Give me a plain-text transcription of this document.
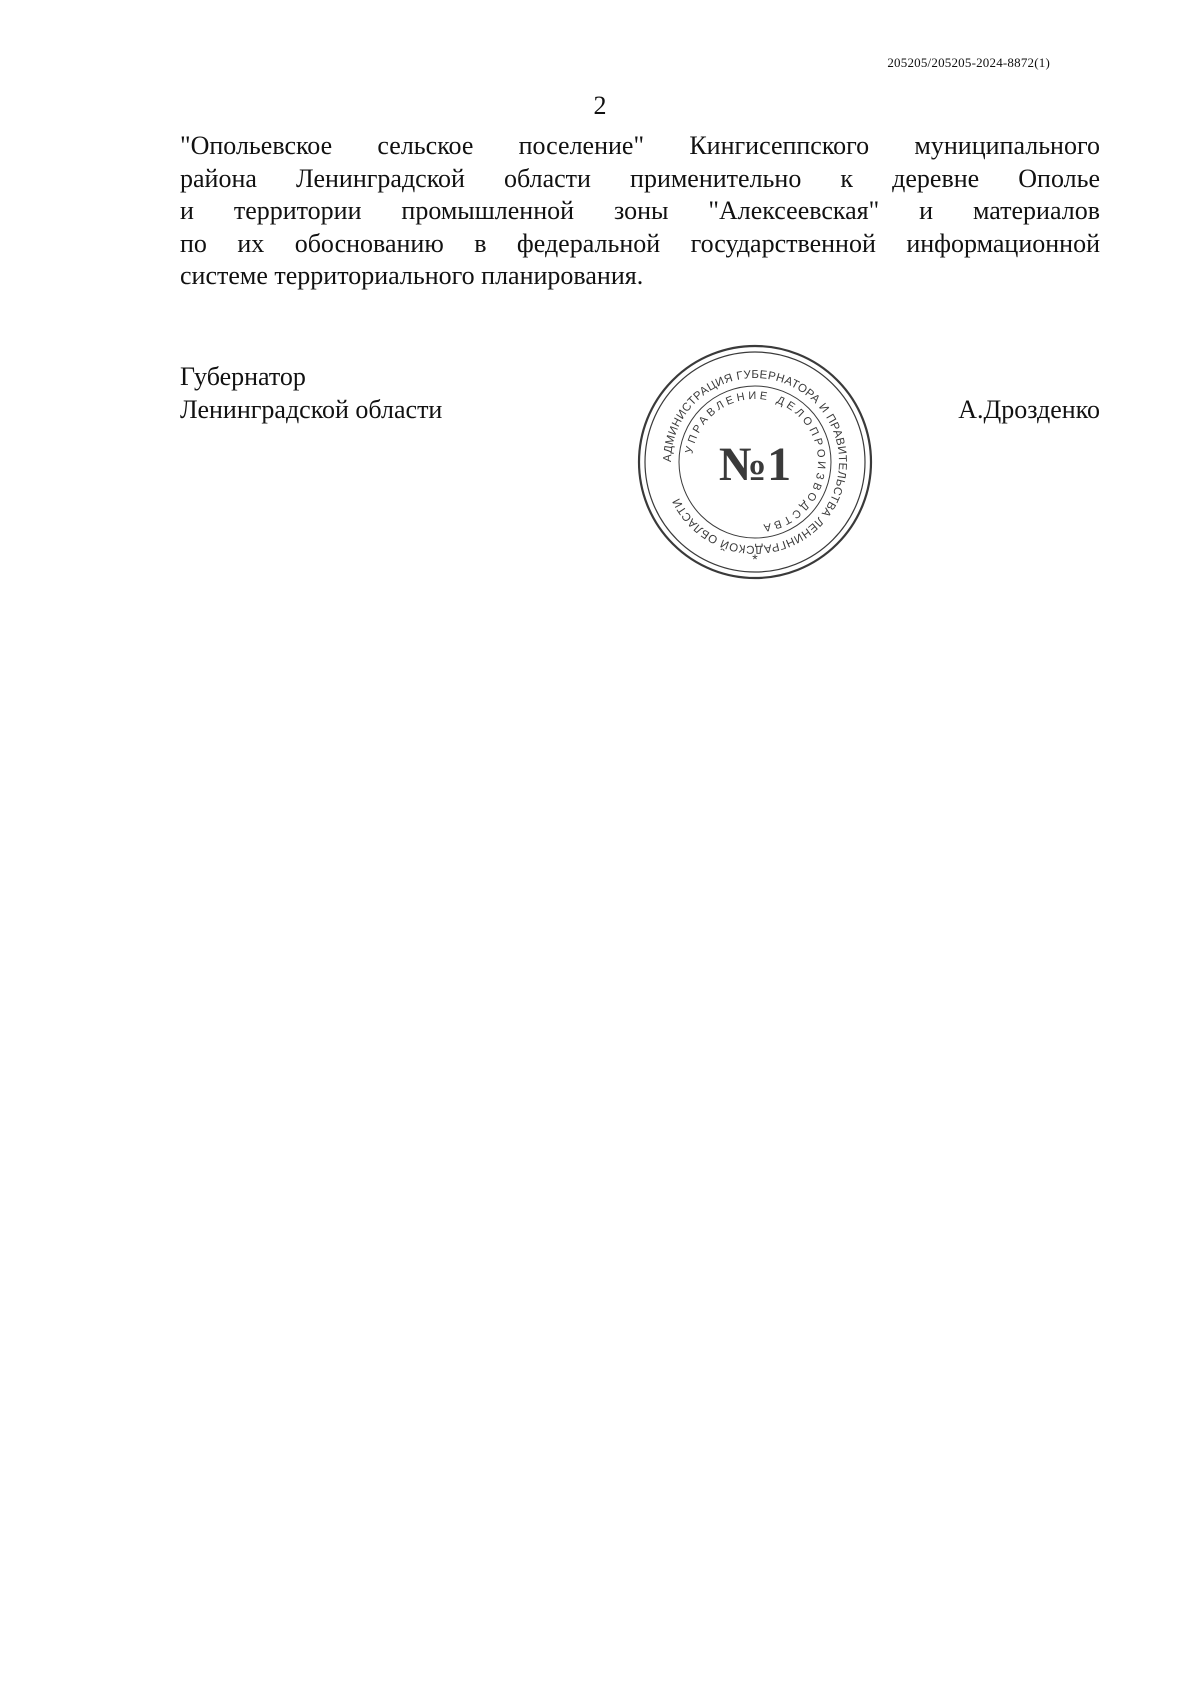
205205/205205-2024-8872(1)
2

"Опольевское сельское поселение" Кингисеппского муниципального
района Ленинградской области применительно к деревне Ополье
и территории промышленной зоны "Алексеевская" и материалов
по их обоснованию в федеральной государственной информационной
системе территориального планирования.

Губернатор
Ленинградской области	А.Дрозденко
АДМИНИСТРАЦИЯ ГУБЕРНАТОРА И ПРАВИТЕЛЬСТВА ЛЕНИНГРАДСКОЙ ОБЛАСТИ
УПРАВЛЕНИЕ ДЕЛОПРОИЗВОДСТВА
№1
*
